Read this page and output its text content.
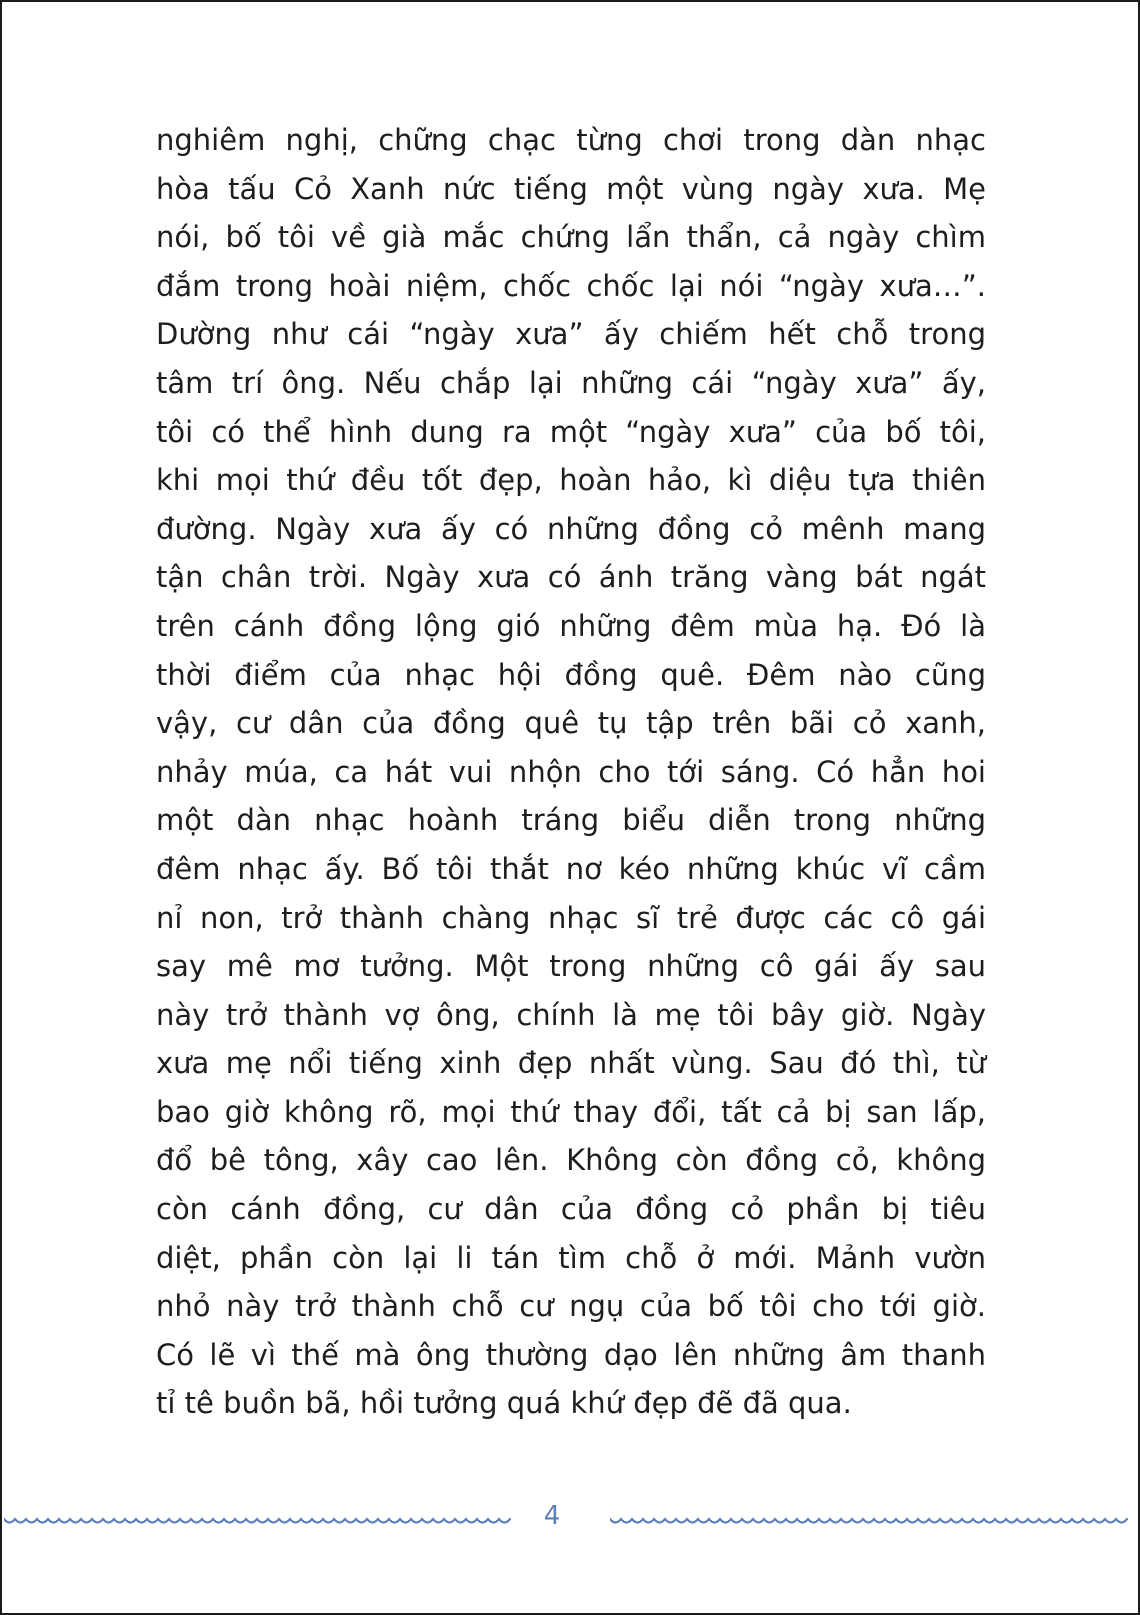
nghiêm nghị, chững chạc từng chơi trong dàn nhạc
hòa tấu Cỏ Xanh nức tiếng một vùng ngày xưa. Mẹ
nói, bố tôi về già mắc chứng lẩn thẩn, cả ngày chìm
đắm trong hoài niệm, chốc chốc lại nói “ngày xưa…”.
Dường như cái “ngày xưa” ấy chiếm hết chỗ trong
tâm trí ông. Nếu chắp lại những cái “ngày xưa” ấy,
tôi có thể hình dung ra một “ngày xưa” của bố tôi,
khi mọi thứ đều tốt đẹp, hoàn hảo, kì diệu tựa thiên
đường. Ngày xưa ấy có những đồng cỏ mênh mang
tận chân trời. Ngày xưa có ánh trăng vàng bát ngát
trên cánh đồng lộng gió những đêm mùa hạ. Đó là
thời điểm của nhạc hội đồng quê. Đêm nào cũng
vậy, cư dân của đồng quê tụ tập trên bãi cỏ xanh,
nhảy múa, ca hát vui nhộn cho tới sáng. Có hẳn hoi
một dàn nhạc hoành tráng biểu diễn trong những
đêm nhạc ấy. Bố tôi thắt nơ kéo những khúc vĩ cầm
nỉ non, trở thành chàng nhạc sĩ trẻ được các cô gái
say mê mơ tưởng. Một trong những cô gái ấy sau
này trở thành vợ ông, chính là mẹ tôi bây giờ. Ngày
xưa mẹ nổi tiếng xinh đẹp nhất vùng. Sau đó thì, từ
bao giờ không rõ, mọi thứ thay đổi, tất cả bị san lấp,
đổ bê tông, xây cao lên. Không còn đồng cỏ, không
còn cánh đồng, cư dân của đồng cỏ phần bị tiêu
diệt, phần còn lại li tán tìm chỗ ở mới. Mảnh vườn
nhỏ này trở thành chỗ cư ngụ của bố tôi cho tới giờ.
Có lẽ vì thế mà ông thường dạo lên những âm thanh
tỉ tê buồn bã, hồi tưởng quá khứ đẹp đẽ đã qua.
4
